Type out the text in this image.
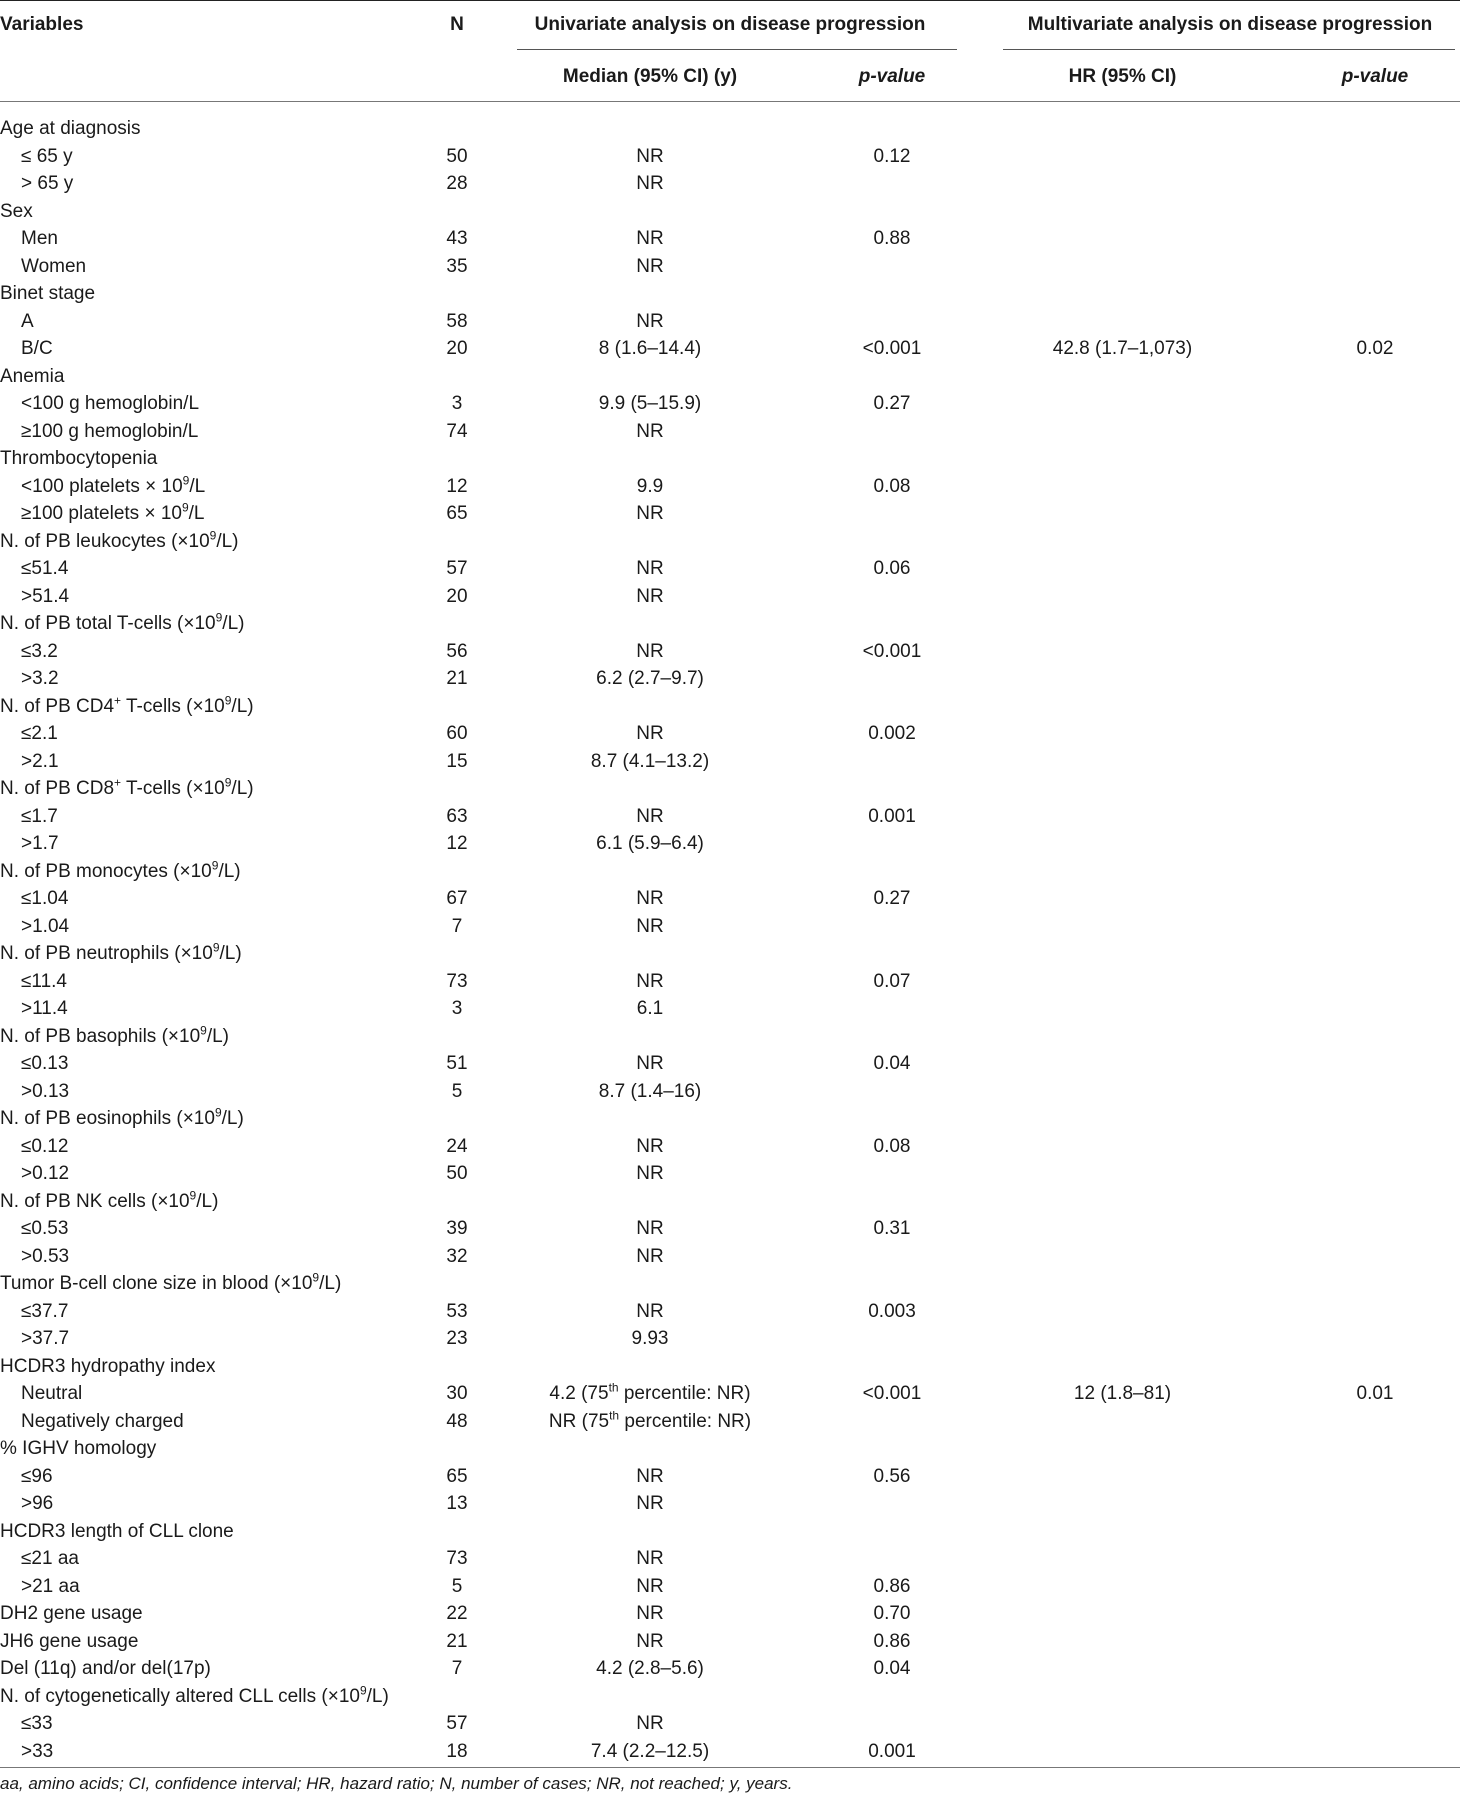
Variables	N	Univariate analysis on disease progression	Multivariate analysis on disease progression
Median (95% CI) (y)	p-value	HR (95% CI)	p-value
Age at diagnosis
≤ 65 y	50	NR	0.12
> 65 y	28	NR
Sex
Men	43	NR	0.88
Women	35	NR
Binet stage
A	58	NR
B/C	20	8 (1.6–14.4)	<0.001	42.8 (1.7–1,073)	0.02
Anemia
<100 g hemoglobin/L	3	9.9 (5–15.9)	0.27
≥100 g hemoglobin/L	74	NR
Thrombocytopenia
<100 platelets × $10^9/L$	12	9.9	0.08
≥100 platelets × $10^9/L$	65	NR
N. of PB leukocytes $(\times 10^9/L)$
≤51.4	57	NR	0.06
>51.4	20	NR
N. of PB total T-cells $(\times 10^9/L)$
≤3.2	56	NR	<0.001
>3.2	21	6.2 (2.7–9.7)
N. of PB CD4+ T-cells $(\times 10^9/L)$
≤2.1	60	NR	0.002
>2.1	15	8.7 (4.1–13.2)
N. of PB CD8+ T-cells $(\times 10^9/L)$
≤1.7	63	NR	0.001
>1.7	12	6.1 (5.9–6.4)
N. of PB monocytes $(\times 10^9/L)$
≤1.04	67	NR	0.27
>1.04	7	NR
N. of PB neutrophils $(\times 10^9/L)$
≤11.4	73	NR	0.07
>11.4	3	6.1
N. of PB basophils $(\times 10^9/L)$
≤0.13	51	NR	0.04
>0.13	5	8.7 (1.4–16)
N. of PB eosinophils $(\times 10^9/L)$
≤0.12	24	NR	0.08
>0.12	50	NR
N. of PB NK cells $(\times 10^9/L)$
≤0.53	39	NR	0.31
>0.53	32	NR
Tumor B-cell clone size in blood $(\times 10^9/L)$
≤37.7	53	NR	0.003
>37.7	23	9.93
HCDR3 hydropathy index
Neutral	30	4.2 (75th percentile: NR)	<0.001	12 (1.8–81)	0.01
Negatively charged	48	NR (75th percentile: NR)
% IGHV homology
≤96	65	NR	0.56
>96	13	NR
HCDR3 length of CLL clone
≤21 aa	73	NR
>21 aa	5	NR	0.86
DH2 gene usage	22	NR	0.70
JH6 gene usage	21	NR	0.86
Del (11q) and/or del(17p)	7	4.2 (2.8–5.6)	0.04
N. of cytogenetically altered CLL cells $(\times 10^9/L)$
≤33	57	NR
>33	18	7.4 (2.2–12.5)	0.001
aa, amino acids; CI, confidence interval; HR, hazard ratio; N, number of cases; NR, not reached; y, years.
